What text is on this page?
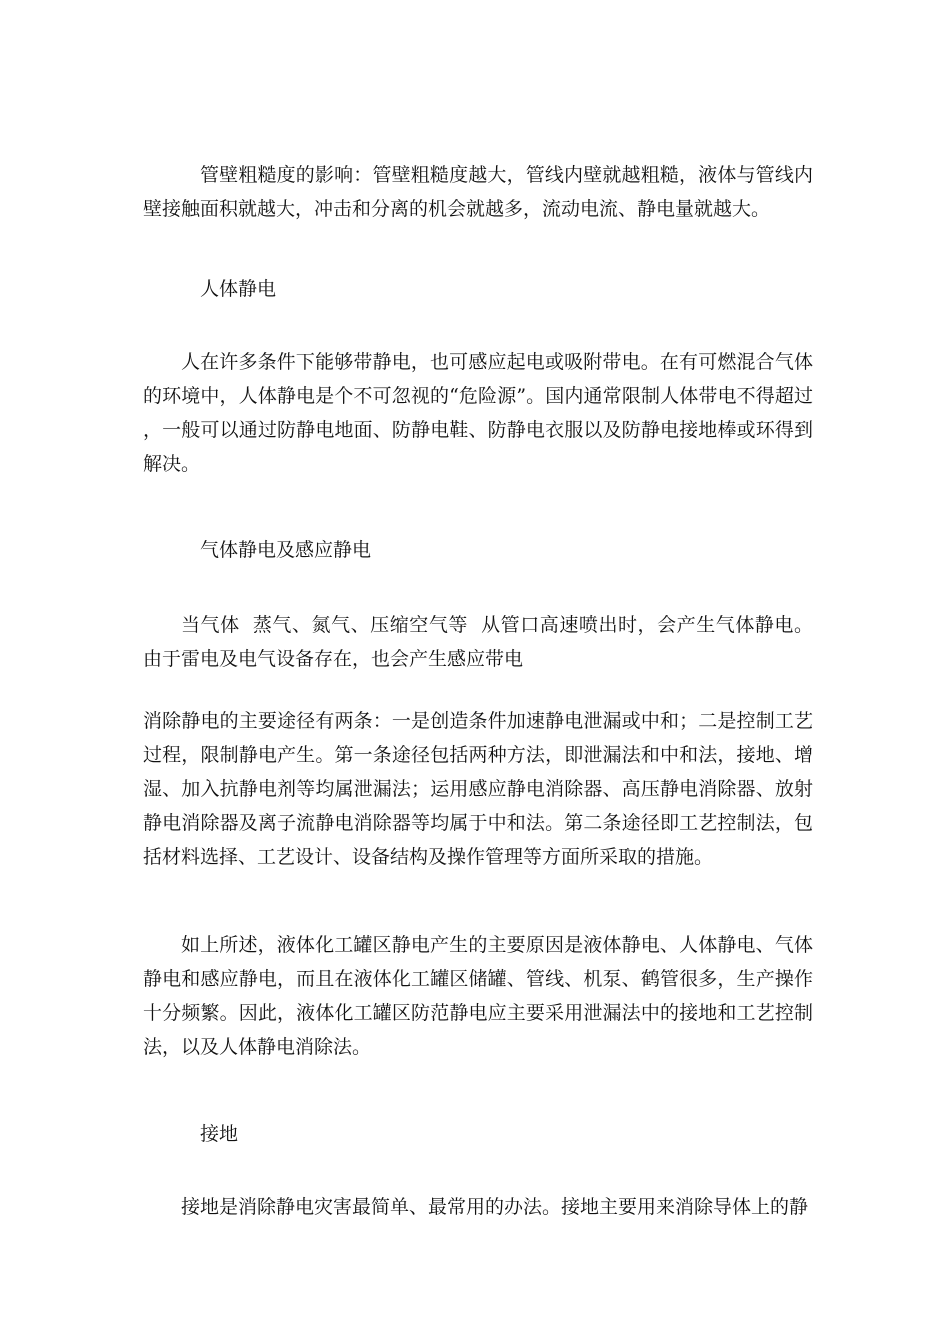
管壁粗糙度的影响：管壁粗糙度越大，管线内壁就越粗糙，液体与管线内壁接触面积就越大，冲击和分离的机会就越多，流动电流、静电量就越大。

人体静电

人在许多条件下能够带静电，也可感应起电或吸附带电。在有可燃混合气体的环境中，人体静电是个不可忽视的“危险源”。国内通常限制人体带电不得超过          ，一般可以通过防静电地面、防静电鞋、防静电衣服以及防静电接地棒或环得到解决。

气体静电及感应静电

当气体  蒸气、氮气、压缩空气等  从管口高速喷出时，会产生气体静电。由于雷电及电气设备存在，也会产生感应带电

消除静电的主要途径有两条：一是创造条件加速静电泄漏或中和；二是控制工艺过程，限制静电产生。第一条途径包括两种方法，即泄漏法和中和法，接地、增湿、加入抗静电剂等均属泄漏法；运用感应静电消除器、高压静电消除器、放射静电消除器及离子流静电消除器等均属于中和法。第二条途径即工艺控制法，包括材料选择、工艺设计、设备结构及操作管理等方面所采取的措施。

如上所述，液体化工罐区静电产生的主要原因是液体静电、人体静电、气体静电和感应静电，而且在液体化工罐区储罐、管线、机泵、鹤管很多，生产操作十分频繁。因此，液体化工罐区防范静电应主要采用泄漏法中的接地和工艺控制法，以及人体静电消除法。

接地

接地是消除静电灾害最简单、最常用的办法。接地主要用来消除导体上的静
